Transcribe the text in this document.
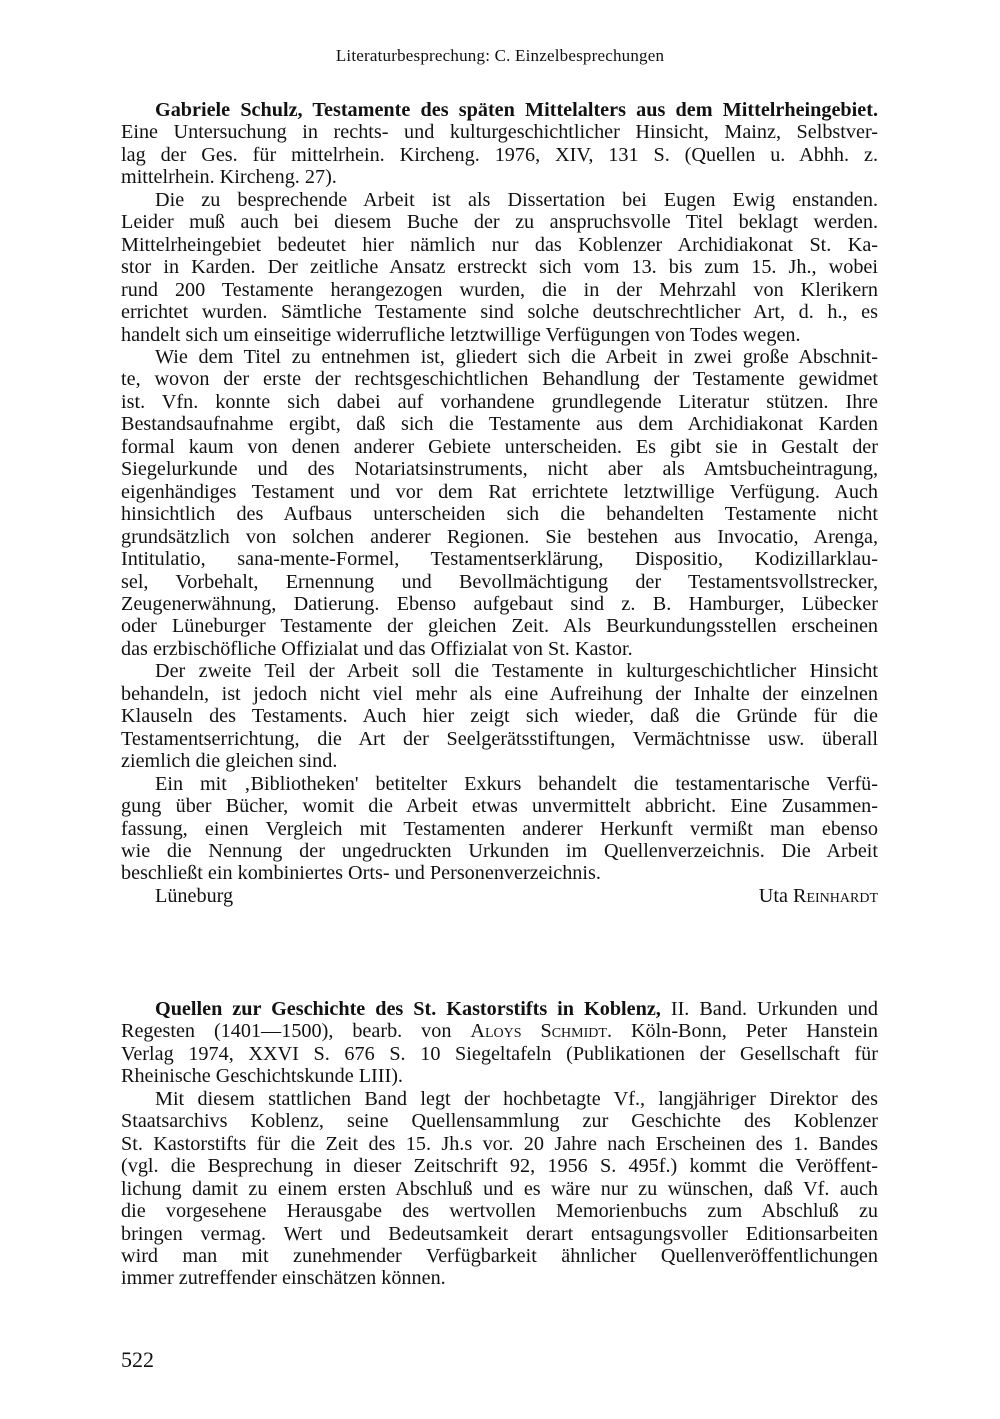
Literaturbesprechung: C. Einzelbesprechungen
Gabriele Schulz, Testamente des späten Mittelalters aus dem Mittelrheingebiet.
Eine Untersuchung in rechts- und kulturgeschichtlicher Hinsicht, Mainz, Selbstver-
lag der Ges. für mittelrhein. Kircheng. 1976, XIV, 131 S. (Quellen u. Abhh. z.
mittelrhein. Kircheng. 27).
Die zu besprechende Arbeit ist als Dissertation bei Eugen Ewig enstanden.
Leider muß auch bei diesem Buche der zu anspruchsvolle Titel beklagt werden.
Mittelrheingebiet bedeutet hier nämlich nur das Koblenzer Archidiakonat St. Ka-
stor in Karden. Der zeitliche Ansatz erstreckt sich vom 13. bis zum 15. Jh., wobei
rund 200 Testamente herangezogen wurden, die in der Mehrzahl von Klerikern
errichtet wurden. Sämtliche Testamente sind solche deutschrechtlicher Art, d. h., es
handelt sich um einseitige widerrufliche letztwillige Verfügungen von Todes wegen.
Wie dem Titel zu entnehmen ist, gliedert sich die Arbeit in zwei große Abschnit-
te, wovon der erste der rechtsgeschichtlichen Behandlung der Testamente gewidmet
ist. Vfn. konnte sich dabei auf vorhandene grundlegende Literatur stützen. Ihre
Bestandsaufnahme ergibt, daß sich die Testamente aus dem Archidiakonat Karden
formal kaum von denen anderer Gebiete unterscheiden. Es gibt sie in Gestalt der
Siegelurkunde und des Notariatsinstruments, nicht aber als Amtsbucheintragung,
eigenhändiges Testament und vor dem Rat errichtete letztwillige Verfügung. Auch
hinsichtlich des Aufbaus unterscheiden sich die behandelten Testamente nicht
grundsätzlich von solchen anderer Regionen. Sie bestehen aus Invocatio, Arenga,
Intitulatio, sana-mente-Formel, Testamentserklärung, Dispositio, Kodizillarklau-
sel, Vorbehalt, Ernennung und Bevollmächtigung der Testamentsvollstrecker,
Zeugenerwähnung, Datierung. Ebenso aufgebaut sind z. B. Hamburger, Lübecker
oder Lüneburger Testamente der gleichen Zeit. Als Beurkundungsstellen erscheinen
das erzbischöfliche Offizialat und das Offizialat von St. Kastor.
Der zweite Teil der Arbeit soll die Testamente in kulturgeschichtlicher Hinsicht
behandeln, ist jedoch nicht viel mehr als eine Aufreihung der Inhalte der einzelnen
Klauseln des Testaments. Auch hier zeigt sich wieder, daß die Gründe für die
Testamentserrichtung, die Art der Seelgerätsstiftungen, Vermächtnisse usw. überall
ziemlich die gleichen sind.
Ein mit ‚Bibliotheken' betitelter Exkurs behandelt die testamentarische Verfü-
gung über Bücher, womit die Arbeit etwas unvermittelt abbricht. Eine Zusammen-
fassung, einen Vergleich mit Testamenten anderer Herkunft vermißt man ebenso
wie die Nennung der ungedruckten Urkunden im Quellenverzeichnis. Die Arbeit
beschließt ein kombiniertes Orts- und Personenverzeichnis.
Lüneburg	Uta Reinhardt
Quellen zur Geschichte des St. Kastorstifts in Koblenz, II. Band. Urkunden und
Regesten (1401—1500), bearb. von Aloys Schmidt. Köln-Bonn, Peter Hanstein
Verlag 1974, XXVI S. 676 S. 10 Siegeltafeln (Publikationen der Gesellschaft für
Rheinische Geschichtskunde LIII).
Mit diesem stattlichen Band legt der hochbetagte Vf., langjähriger Direktor des
Staatsarchivs Koblenz, seine Quellensammlung zur Geschichte des Koblenzer
St. Kastorstifts für die Zeit des 15. Jh.s vor. 20 Jahre nach Erscheinen des 1. Bandes
(vgl. die Besprechung in dieser Zeitschrift 92, 1956 S. 495f.) kommt die Veröffent-
lichung damit zu einem ersten Abschluß und es wäre nur zu wünschen, daß Vf. auch
die vorgesehene Herausgabe des wertvollen Memorienbuchs zum Abschluß zu
bringen vermag. Wert und Bedeutsamkeit derart entsagungsvoller Editionsarbeiten
wird man mit zunehmender Verfügbarkeit ähnlicher Quellenveröffentlichungen
immer zutreffender einschätzen können.
522
